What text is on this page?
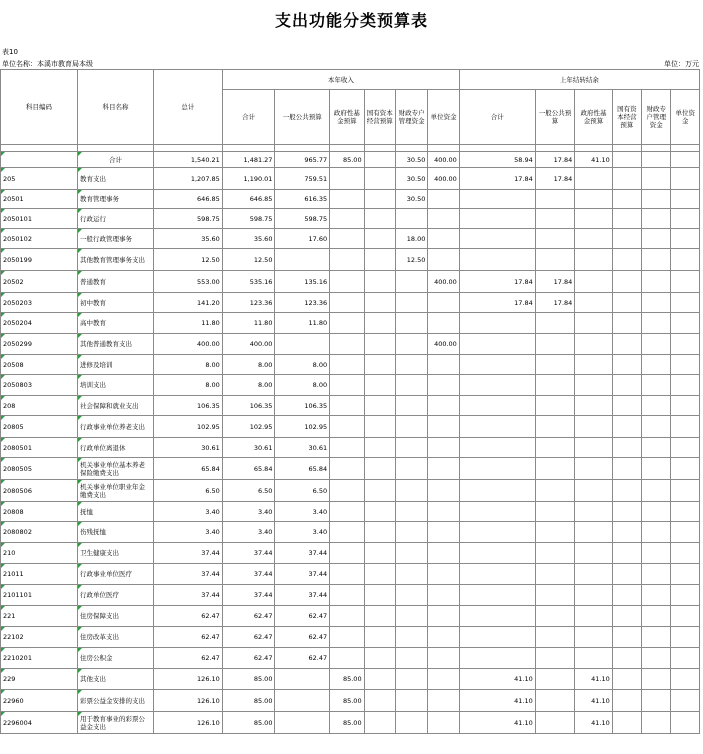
支出功能分类预算表
表10
单位名称：本溪市教育局本级	单位：万元
科目编码	科目名称	总计	本年收入						上年结转结余					
			合计	一般公共预算	政府性基金预算	国有资本经营预算	财政专户管理资金	单位资金	合计	一般公共预算	政府性基金预算	国有资本经营预算	财政专户管理资金	单位资金

	合计	1,540.21	1,481.27	965.77	85.00		30.50	400.00	58.94	17.84	41.10			
205	教育支出	1,207.85	1,190.01	759.51			30.50	400.00	17.84	17.84				
20501	教育管理事务	646.85	646.85	616.35			30.50							
2050101	行政运行	598.75	598.75	598.75										
2050102	一般行政管理事务	35.60	35.60	17.60			18.00							
2050199	其他教育管理事务支出	12.50	12.50				12.50							
20502	普通教育	553.00	535.16	135.16				400.00	17.84	17.84				
2050203	初中教育	141.20	123.36	123.36					17.84	17.84				
2050204	高中教育	11.80	11.80	11.80										
2050299	其他普通教育支出	400.00	400.00					400.00						
20508	进修及培训	8.00	8.00	8.00										
2050803	培训支出	8.00	8.00	8.00										
208	社会保障和就业支出	106.35	106.35	106.35										
20805	行政事业单位养老支出	102.95	102.95	102.95										
2080501	行政单位离退休	30.61	30.61	30.61										
2080505	机关事业单位基本养老保险缴费支出	65.84	65.84	65.84										
2080506	机关事业单位职业年金缴费支出	6.50	6.50	6.50										
20808	抚恤	3.40	3.40	3.40										
2080802	伤残抚恤	3.40	3.40	3.40										
210	卫生健康支出	37.44	37.44	37.44										
21011	行政事业单位医疗	37.44	37.44	37.44										
2101101	行政单位医疗	37.44	37.44	37.44										
221	住房保障支出	62.47	62.47	62.47										
22102	住房改革支出	62.47	62.47	62.47										
2210201	住房公积金	62.47	62.47	62.47										
229	其他支出	126.10	85.00		85.00				41.10		41.10			
22960	彩票公益金安排的支出	126.10	85.00		85.00				41.10		41.10			
2296004	用于教育事业的彩票公益金支出	126.10	85.00		85.00				41.10		41.10			
